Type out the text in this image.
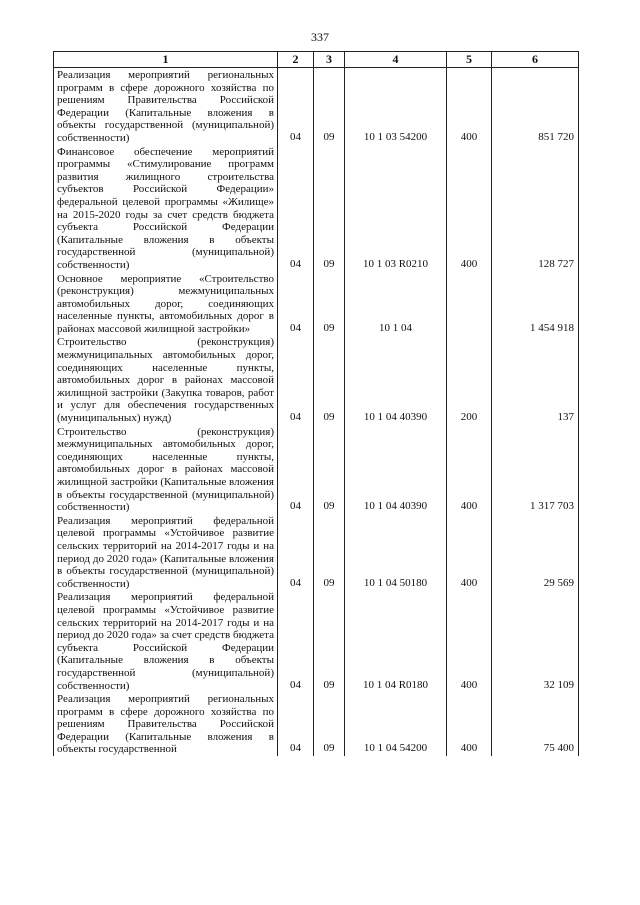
337
1	2	3	4	5	6
Реализация мероприятий региональных программ в сфере дорожного хозяйства по решениям Правительства Российской Федерации (Капитальные вложения в объекты государственной (муниципальной) собственности)	04	09	10 1 03 54200	400	851 720
Финансовое обеспечение мероприятий программы «Стимулирование программ развития жилищного строительства субъектов Российской Федерации» федеральной целевой программы «Жилище» на 2015-2020 годы за счет средств бюджета субъекта Российской Федерации (Капитальные вложения в объекты государственной (муниципальной) собственности)	04	09	10 1 03 R0210	400	128 727
Основное мероприятие «Строительство (реконструкция) межмуниципальных автомобильных дорог, соединяющих населенные пункты, автомобильных дорог в районах массовой жилищной застройки»	04	09	10 1 04		1 454 918
Строительство (реконструкция) межмуниципальных автомобильных дорог, соединяющих населенные пункты, автомобильных дорог в районах массовой жилищной застройки (Закупка товаров, работ и услуг для обеспечения государственных (муниципальных) нужд)	04	09	10 1 04 40390	200	137
Строительство (реконструкция) межмуниципальных автомобильных дорог, соединяющих населенные пункты, автомобильных дорог в районах массовой жилищной застройки (Капитальные вложения в объекты государственной (муниципальной) собственности)	04	09	10 1 04 40390	400	1 317 703
Реализация мероприятий федеральной целевой программы «Устойчивое развитие сельских территорий на 2014-2017 годы и на период до 2020 года» (Капитальные вложения в объекты государственной (муниципальной) собственности)	04	09	10 1 04 50180	400	29 569
Реализация мероприятий федеральной целевой программы «Устойчивое развитие сельских территорий на 2014-2017 годы и на период до 2020 года» за счет средств бюджета субъекта Российской Федерации (Капитальные вложения в объекты государственной (муниципальной) собственности)	04	09	10 1 04 R0180	400	32 109
Реализация мероприятий региональных программ в сфере дорожного хозяйства по решениям Правительства Российской Федерации (Капитальные вложения в объекты государственной	04	09	10 1 04 54200	400	75 400
